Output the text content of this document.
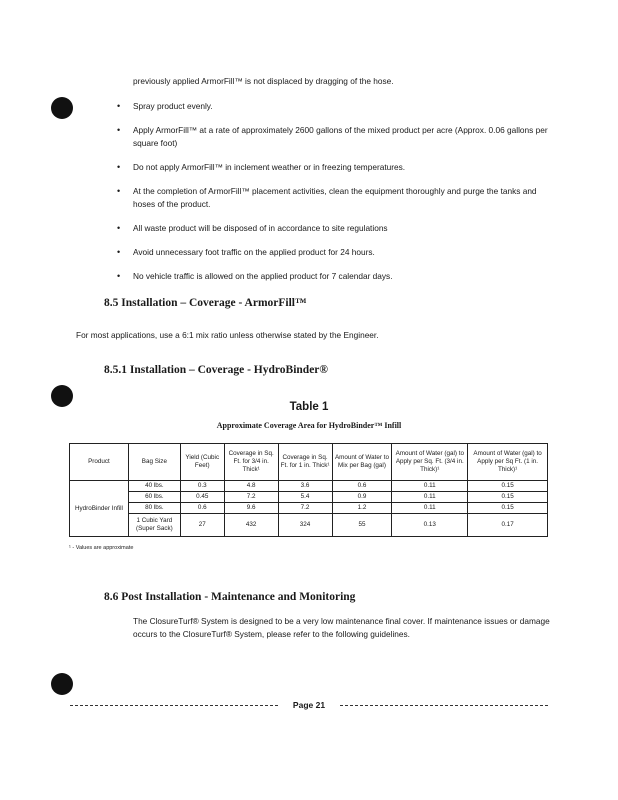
previously applied ArmorFill™ is not displaced by dragging of the hose.
• Spray product evenly.
• Apply ArmorFill™ at a rate of approximately 2600 gallons of the mixed product per acre (Approx. 0.06 gallons per square foot)
• Do not apply ArmorFill™ in inclement weather or in freezing temperatures.
• At the completion of ArmorFill™ placement activities, clean the equipment thoroughly and purge the tanks and hoses of the product.
• All waste product will be disposed of in accordance to site regulations
• Avoid unnecessary foot traffic on the applied product for 24 hours.
• No vehicle traffic is allowed on the applied product for 7 calendar days.
8.5 Installation – Coverage - ArmorFill™
For most applications, use a 6:1 mix ratio unless otherwise stated by the Engineer.
8.5.1 Installation – Coverage - HydroBinder®
Table 1
Approximate Coverage Area for HydroBinder™ Infill
Product	Bag Size	Yield (Cubic Feet)	Coverage in Sq. Ft. for 3/4 in. Thick¹	Coverage in Sq. Ft. for 1 in. Thick¹	Amount of Water to Mix per Bag (gal)	Amount of Water (gal) to Apply per Sq. Ft. (3/4 in. Thick)¹	Amount of Water (gal) to Apply per Sq Ft. (1 in. Thick)¹
HydroBinder Infill	40 lbs.	0.3	4.8	3.6	0.6	0.11	0.15
	60 lbs.	0.45	7.2	5.4	0.9	0.11	0.15
	80 lbs.	0.6	9.6	7.2	1.2	0.11	0.15
	1 Cubic Yard (Super Sack)	27	432	324	55	0.13	0.17
¹ - Values are approximate
8.6 Post Installation - Maintenance and Monitoring
The ClosureTurf® System is designed to be a very low maintenance final cover. If maintenance issues or damage occurs to the ClosureTurf® System, please refer to the following guidelines.
Page 21
